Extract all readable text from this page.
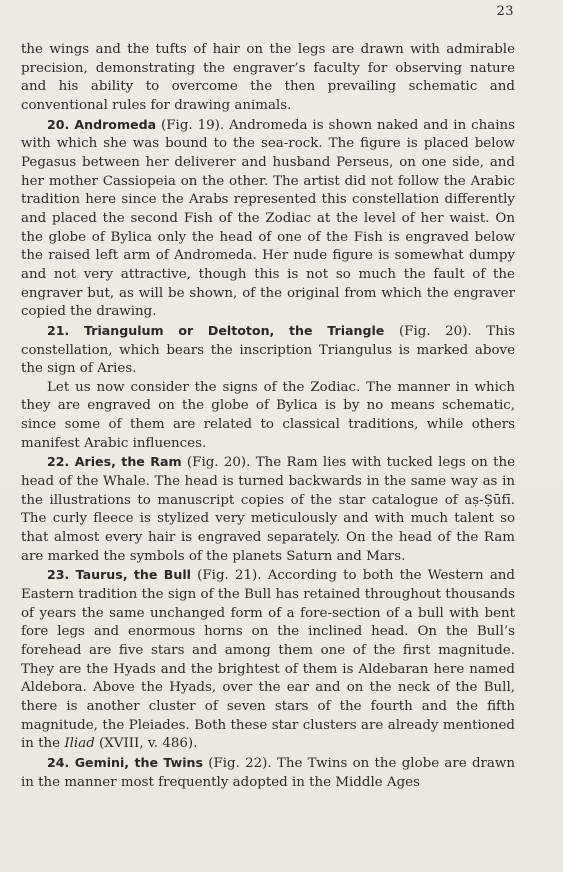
23

the wings and the tufts of hair on the legs are drawn with admirable precision, demonstrating the engraver’s faculty for observing nature and his ability to overcome the then prevailing schematic and conventional rules for drawing animals.

20. Andromeda (Fig. 19). Andromeda is shown naked and in chains with which she was bound to the sea-rock. The figure is placed below Pegasus between her deliverer and husband Perseus, on one side, and her mother Cassiopeia on the other. The artist did not follow the Arabic tradition here since the Arabs represented this constellation differently and placed the second Fish of the Zodiac at the level of her waist. On the globe of Bylica only the head of one of the Fish is engraved below the raised left arm of Andromeda. Her nude figure is somewhat dumpy and not very attractive, though this is not so much the fault of the engraver but, as will be shown, of the original from which the engraver copied the drawing.

21. Triangulum or Deltoton, the Triangle (Fig. 20). This constellation, which bears the inscription Triangulus is marked above the sign of Aries.

Let us now consider the signs of the Zodiac. The manner in which they are engraved on the globe of Bylica is by no means schematic, since some of them are related to classical traditions, while others manifest Arabic influences.

22. Aries, the Ram (Fig. 20). The Ram lies with tucked legs on the head of the Whale. The head is turned backwards in the same way as in the illustrations to manuscript copies of the star catalogue of aṣ-Ṣūfī. The curly fleece is stylized very meticulously and with much talent so that almost every hair is engraved separately. On the head of the Ram are marked the symbols of the planets Saturn and Mars.

23. Taurus, the Bull (Fig. 21). According to both the Western and Eastern tradition the sign of the Bull has retained throughout thousands of years the same unchanged form of a fore-section of a bull with bent fore legs and enormous horns on the inclined head. On the Bull’s forehead are five stars and among them one of the first magnitude. They are the Hyads and the brightest of them is Aldebaran here named Aldebora. Above the Hyads, over the ear and on the neck of the Bull, there is another cluster of seven stars of the fourth and the fifth magnitude, the Pleiades. Both these star clusters are already mentioned in the Iliad (XVIII, v. 486).

24. Gemini, the Twins (Fig. 22). The Twins on the globe are drawn in the manner most frequently adopted in the Middle Ages
